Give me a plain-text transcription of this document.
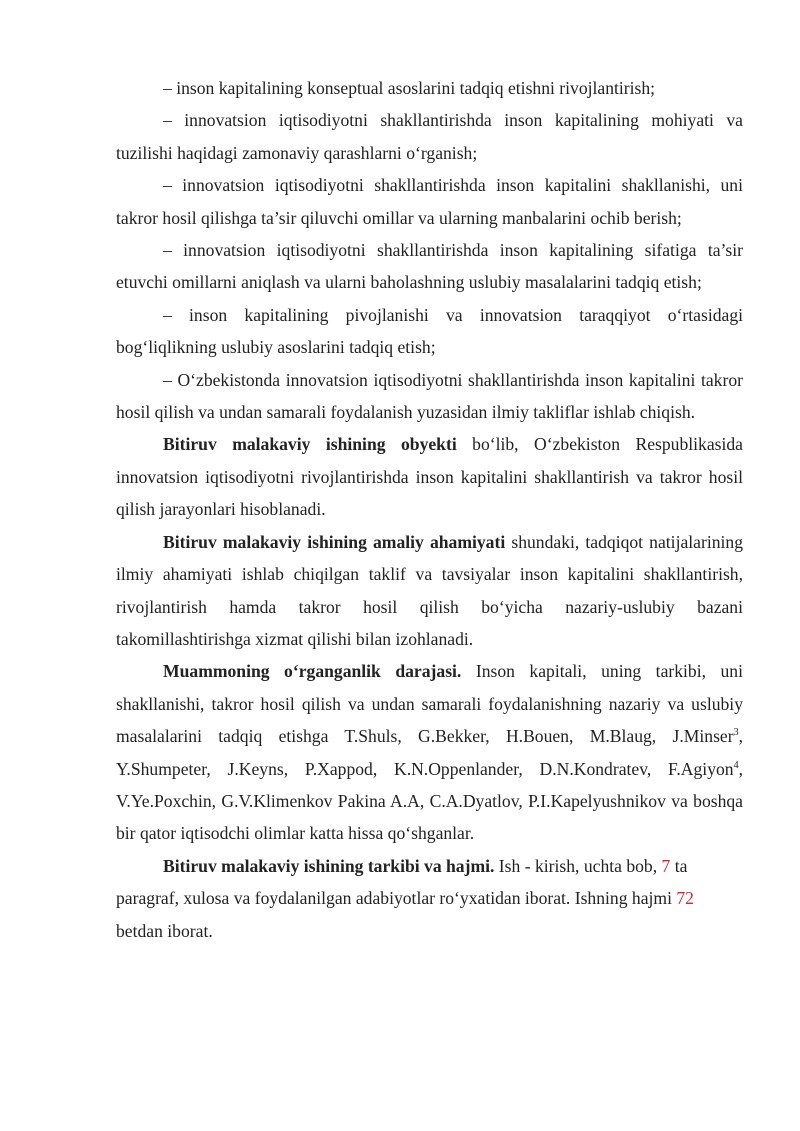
– inson kapitalining konseptual asoslarini tadqiq etishni rivojlantirish;

– innovatsion iqtisodiyotni shakllantirishda inson kapitalining mohiyati va tuzilishi haqidagi zamonaviy qarashlarni o‘rganish;

– innovatsion iqtisodiyotni shakllantirishda inson kapitalini shakllanishi, uni takror hosil qilishga ta’sir qiluvchi omillar va ularning manbalarini ochib berish;

– innovatsion iqtisodiyotni shakllantirishda inson kapitalining sifatiga ta’sir etuvchi omillarni aniqlash va ularni baholashning uslubiy masalalarini tadqiq etish;

– inson kapitalining pivojlanishi va innovatsion taraqqiyot o‘rtasidagi bog‘liqlikning uslubiy asoslarini tadqiq etish;

– O‘zbekistonda innovatsion iqtisodiyotni shakllantirishda inson kapitalini takror hosil qilish va undan samarali foydalanish yuzasidan ilmiy takliflar ishlab chiqish.

Bitiruv malakaviy ishining obyekti bo‘lib, O‘zbekiston Respublikasida innovatsion iqtisodiyotni rivojlantirishda inson kapitalini shakllantirish va takror hosil qilish jarayonlari hisoblanadi.

Bitiruv malakaviy ishining amaliy ahamiyati shundaki, tadqiqot natijalarining ilmiy ahamiyati ishlab chiqilgan taklif va tavsiyalar inson kapitalini shakllantirish, rivojlantirish hamda takror hosil qilish bo‘yicha nazariy-uslubiy bazani takomillashtirishga xizmat qilishi bilan izohlanadi.

Muammoning o‘rganganlik darajasi. Inson kapitali, uning tarkibi, uni shakllanishi, takror hosil qilish va undan samarali foydalanishning nazariy va uslubiy masalalarini tadqiq etishga T.Shuls, G.Bekker, H.Bouen, M.Blaug, J.Minser$^3$, Y.Shumpeter, J.Keyns, P.Xappod, K.N.Oppenlander, D.N.Kondratev, F.Agiyon$^4$, V.Ye.Poxchin, G.V.Klimenkov Pakina A.A, C.A.Dyatlov, P.I.Kapelyushnikov va boshqa bir qator iqtisodchi olimlar katta hissa qo‘shganlar.

Bitiruv malakaviy ishining tarkibi va hajmi. Ish - kirish, uchta bob, 7 ta paragraf, xulosa va foydalanilgan adabiyotlar ro‘yxatidan iborat. Ishning hajmi 72 betdan iborat.
